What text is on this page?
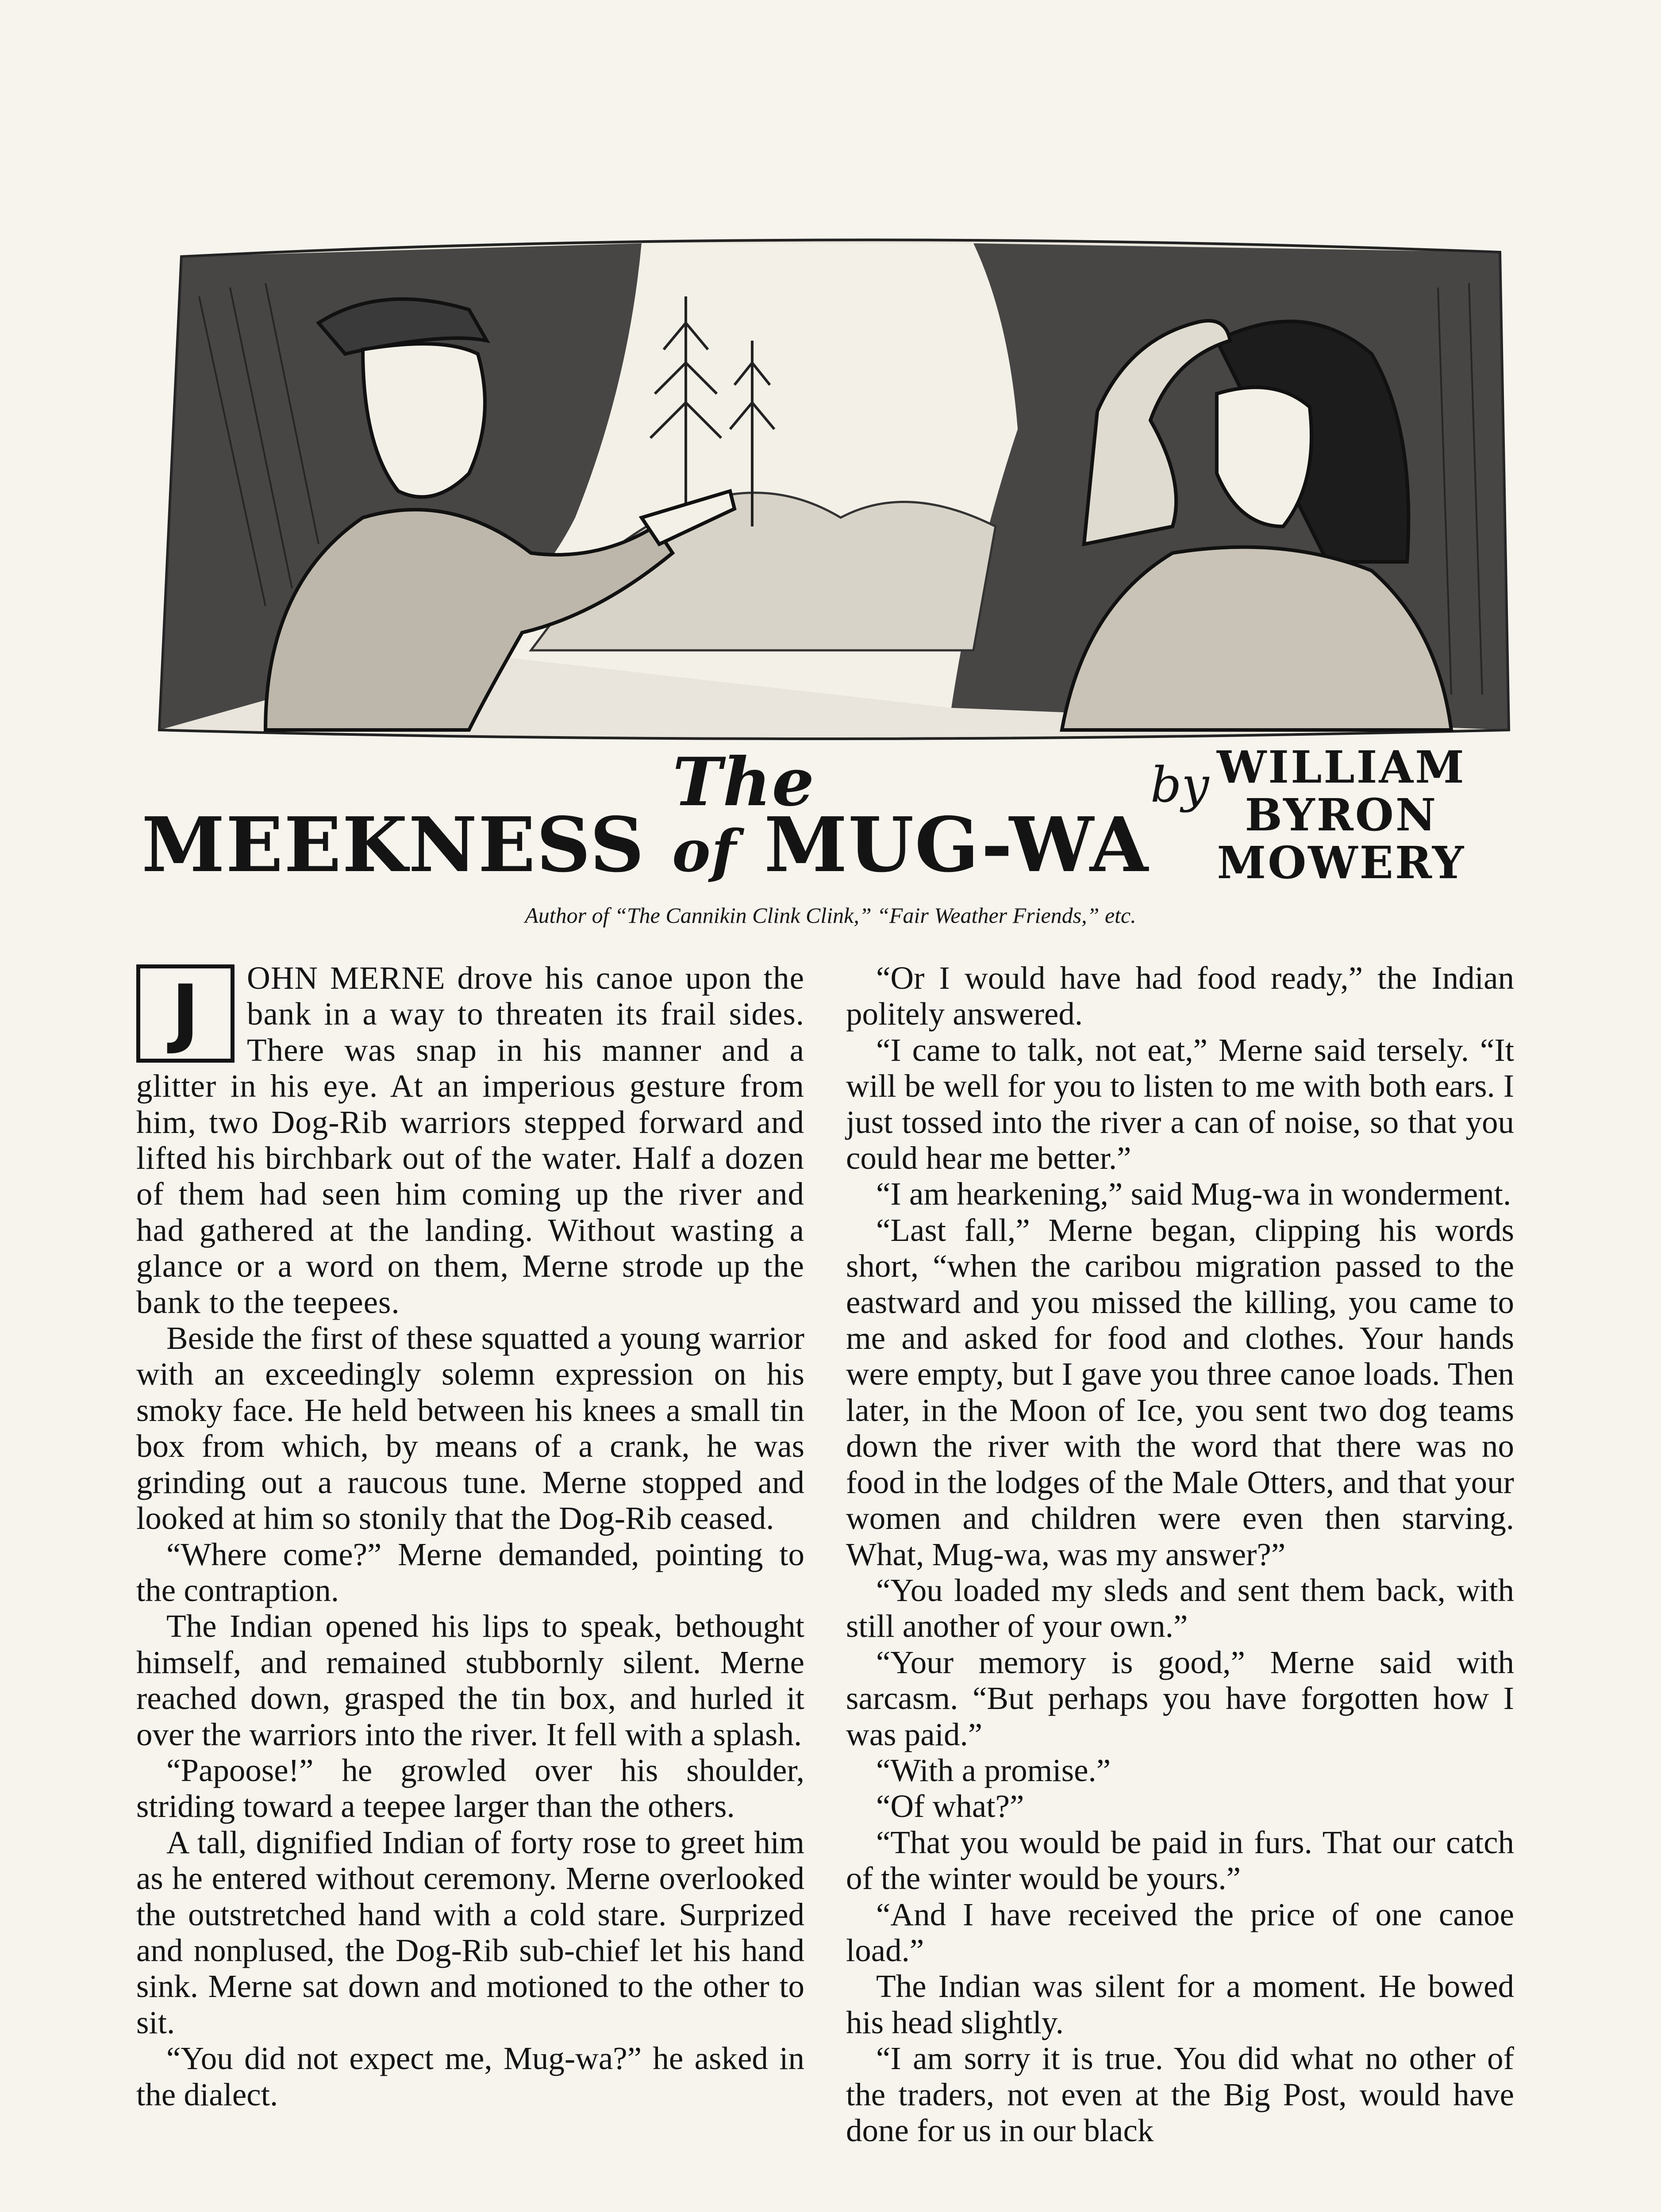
The
MEEKNESS of MUG-WA
by WILLIAM
BYRON
MOWERY
Author of “The Cannikin Clink Clink,” “Fair Weather Friends,” etc.

J	OHN MERNE drove his canoe upon the bank in a way to threaten its frail sides. There was snap in his manner and a glitter in his eye. At an imperious gesture from him, two Dog-Rib warriors stepped forward and lifted his birchbark out of the water. Half a dozen of them had seen him coming up the river and had gathered at the landing. Without wasting a glance or a word on them, Merne strode up the bank to the teepees.

Beside the first of these squatted a young warrior with an exceedingly solemn expression on his smoky face. He held between his knees a small tin box from which, by means of a crank, he was grinding out a raucous tune. Merne stopped and looked at him so stonily that the Dog-Rib ceased.

“Where come?” Merne demanded, pointing to the contraption.

The Indian opened his lips to speak, bethought himself, and remained stubbornly silent. Merne reached down, grasped the tin box, and hurled it over the warriors into the river. It fell with a splash.

“Papoose!” he growled over his shoulder, striding toward a teepee larger than the others.

A tall, dignified Indian of forty rose to greet him as he entered without ceremony. Merne overlooked the outstretched hand with a cold stare. Surprized and nonplused, the Dog-Rib sub-chief let his hand sink. Merne sat down and motioned to the other to sit.

“You did not expect me, Mug-wa?” he asked in the dialect.

“Or I would have had food ready,” the Indian politely answered.

“I came to talk, not eat,” Merne said tersely. “It will be well for you to listen to me with both ears. I just tossed into the river a can of noise, so that you could hear me better.”

“I am hearkening,” said Mug-wa in wonderment.

“Last fall,” Merne began, clipping his words short, “when the caribou migration passed to the eastward and you missed the killing, you came to me and asked for food and clothes. Your hands were empty, but I gave you three canoe loads. Then later, in the Moon of Ice, you sent two dog teams down the river with the word that there was no food in the lodges of the Male Otters, and that your women and children were even then starving. What, Mug-wa, was my answer?”

“You loaded my sleds and sent them back, with still another of your own.”

“Your memory is good,” Merne said with sarcasm. “But perhaps you have forgotten how I was paid.”

“With a promise.”

“Of what?”

“That you would be paid in furs. That our catch of the winter would be yours.”

“And I have received the price of one canoe load.”

The Indian was silent for a moment. He bowed his head slightly.

“I am sorry it is true. You did what no other of the traders, not even at the Big Post, would have done for us in our black
